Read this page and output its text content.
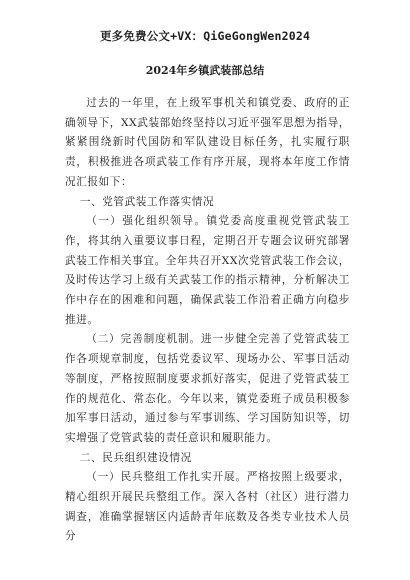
更多免费公文+VX：QiGeGongWen2024
2024年乡镇武装部总结

过去的一年里，在上级军事机关和镇党委、政府的正确领导下，XX武装部始终坚持以习近平强军思想为指导，紧紧围绕新时代国防和军队建设目标任务，扎实履行职责，积极推进各项武装工作有序开展，现将本年度工作情况汇报如下：

一、党管武装工作落实情况

（一）强化组织领导。镇党委高度重视党管武装工作，将其纳入重要议事日程，定期召开专题会议研究部署武装工作相关事宜。全年共召开XX次党管武装工作会议，及时传达学习上级有关武装工作的指示精神，分析解决工作中存在的困难和问题，确保武装工作沿着正确方向稳步推进。

（二）完善制度机制。进一步健全完善了党管武装工作各项规章制度，包括党委议军、现场办公、军事日活动等制度，严格按照制度要求抓好落实，促进了党管武装工作的规范化、常态化。今年以来，镇党委班子成员积极参加军事日活动，通过参与军事训练、学习国防知识等，切实增强了党管武装的责任意识和履职能力。

二、民兵组织建设情况

（一）民兵整组工作扎实开展。严格按照上级要求，精心组织开展民兵整组工作。深入各村（社区）进行潜力调查，准确掌握辖区内适龄青年底数及各类专业技术人员分
